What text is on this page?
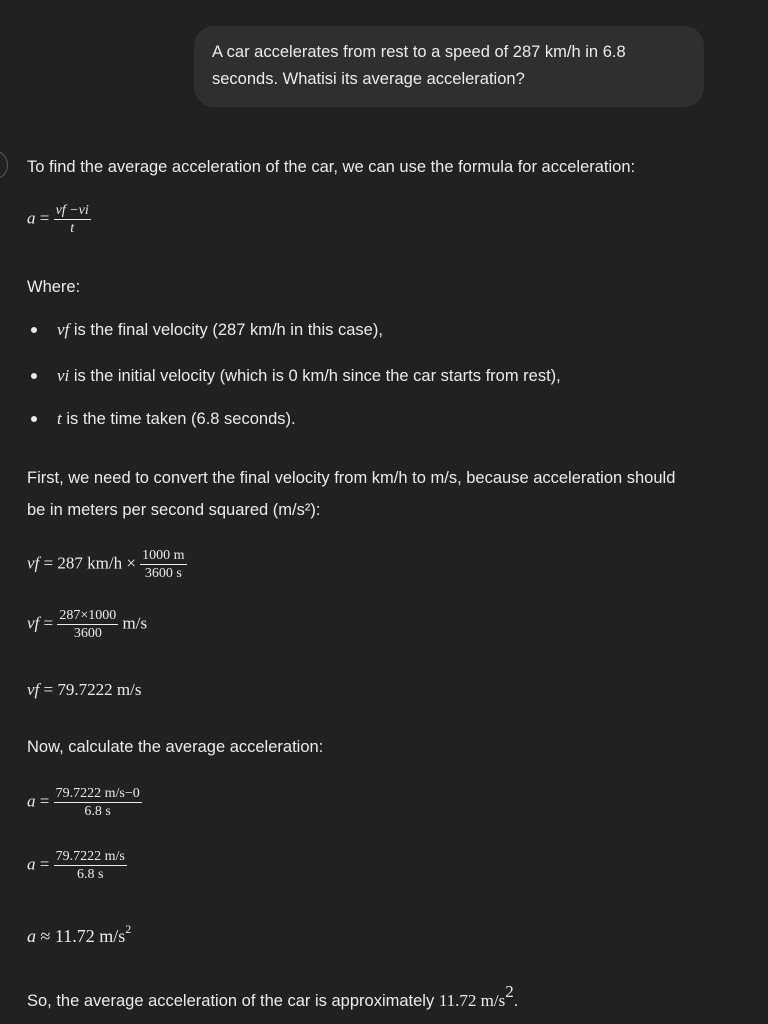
A car accelerates from rest to a speed of 287 km/h in 6.8 seconds. Whatisi its average acceleration?
To find the average acceleration of the car, we can use the formula for acceleration:
$a = \frac{vf -vi}{t}$
Where:
vf is the final velocity (287 km/h in this case),
vi is the initial velocity (which is 0 km/h since the car starts from rest),
t is the time taken (6.8 seconds).
First, we need to convert the final velocity from km/h to m/s, because acceleration should be in meters per second squared (m/s²):
vf = 287 $km/h \times \frac{1000 m}{3600 s}$
vf = $\frac{287\times 1000}{3600} m/s$
vf = 79.7222 m/s
Now, calculate the average acceleration:
$a = \frac{79.7222 m/s-0}{6.8 s}$
$a = \frac{79.7222 m/s}{6.8 s}$
a ≈ 11.72 $m/s^2$
So, the average acceleration of the car is approximately 11.72 $m/s^2$.
